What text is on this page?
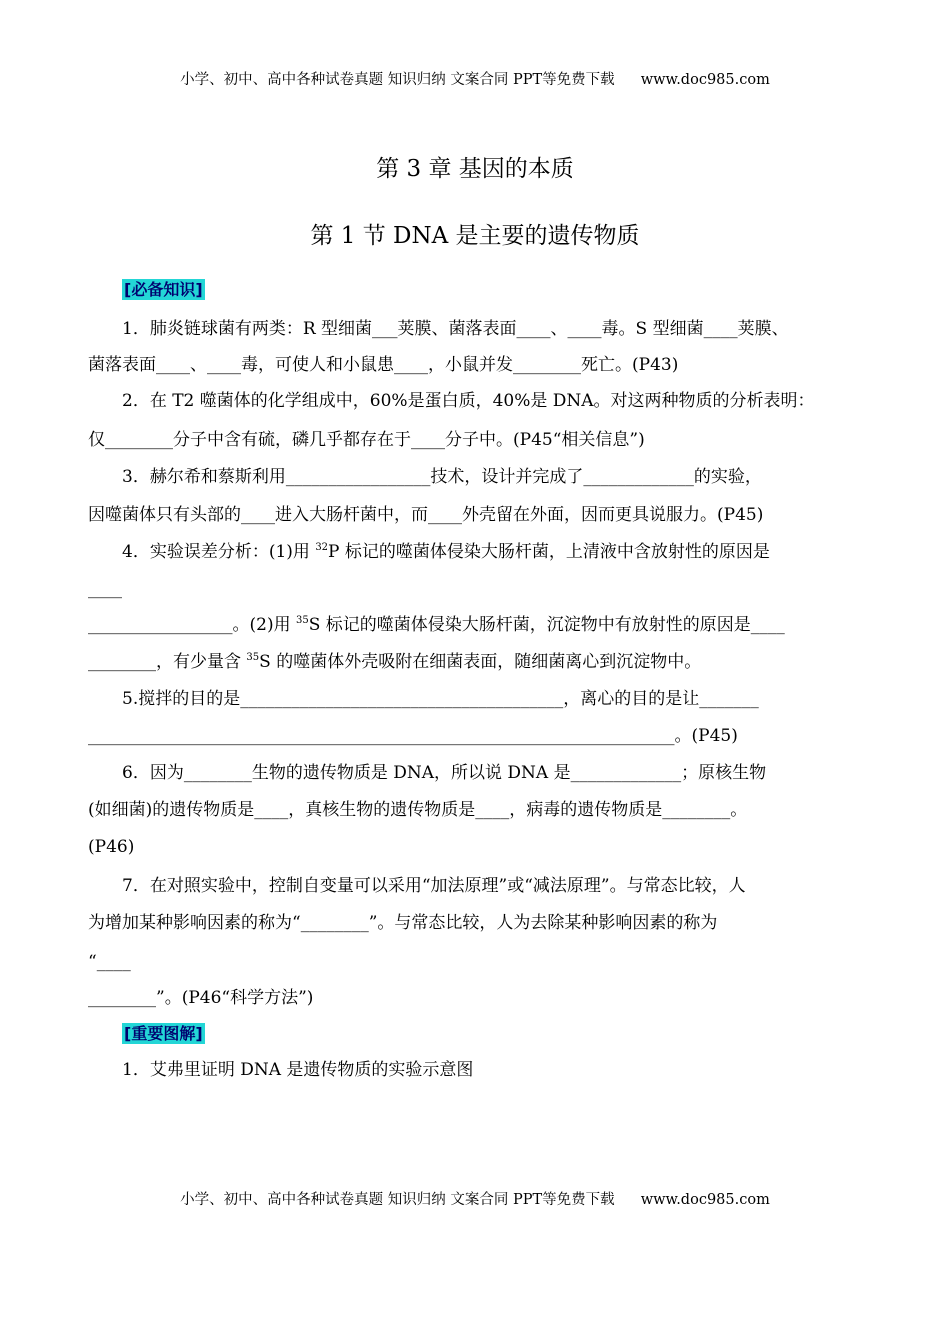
小学、初中、高中各种试卷真题 知识归纳 文案合同 PPT等免费下载 www.doc985.com
第 3 章 基因的本质
第 1 节 DNA 是主要的遗传物质
[必备知识]
1．肺炎链球菌有两类：R 型细菌___荚膜、菌落表面____、____毒。S 型细菌____荚膜、
菌落表面____、____毒，可使人和小鼠患____，小鼠并发________死亡。(P43)
2．在 T2 噬菌体的化学组成中，60%是蛋白质，40%是 DNA。对这两种物质的分析表明：
仅________分子中含有硫，磷几乎都存在于____分子中。(P45“相关信息”)
3．赫尔希和蔡斯利用_________________技术，设计并完成了_____________的实验，
因噬菌体只有头部的____进入大肠杆菌中，而____外壳留在外面，因而更具说服力。(P45)
4．实验误差分析：(1)用 $^{32}$P 标记的噬菌体侵染大肠杆菌，上清液中含放射性的原因是
____
_________________。(2)用 $^{35}$S 标记的噬菌体侵染大肠杆菌，沉淀物中有放射性的原因是____
________，有少量含 $^{35}$S 的噬菌体外壳吸附在细菌表面，随细菌离心到沉淀物中。
5.搅拌的目的是______________________________________，离心的目的是让_______
_____________________________________________________________________。(P45)
6．因为________生物的遗传物质是 DNA，所以说 DNA 是_____________；原核生物
(如细菌)的遗传物质是____，真核生物的遗传物质是____，病毒的遗传物质是________。
(P46)
7．在对照实验中，控制自变量可以采用“加法原理”或“减法原理”。与常态比较，人
为增加某种影响因素的称为“________”。与常态比较，人为去除某种影响因素的称为
“____
________”。(P46“科学方法”)
[重要图解]
1．艾弗里证明 DNA 是遗传物质的实验示意图
小学、初中、高中各种试卷真题 知识归纳 文案合同 PPT等免费下载 www.doc985.com
